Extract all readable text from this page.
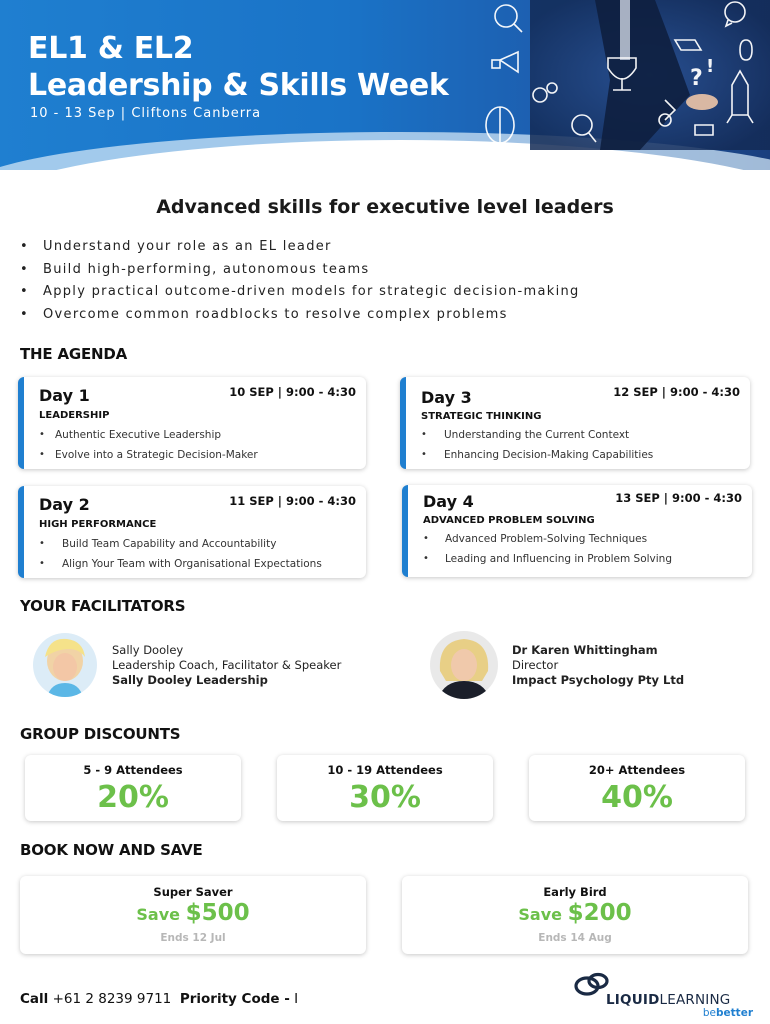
? !
EL1 & EL2
Leadership & Skills Week
10 - 13 Sep | Cliftons Canberra
Advanced skills for executive level leaders
• Understand your role as an EL leader
• Build high-performing, autonomous teams
• Apply practical outcome-driven models for strategic decision-making
• Overcome common roadblocks to resolve complex problems
THE AGENDA
Day 1	10 SEP | 9:00 - 4:30
LEADERSHIP
• Authentic Executive Leadership
• Evolve into a Strategic Decision-Maker
Day 2	11 SEP | 9:00 - 4:30
HIGH PERFORMANCE
• Build Team Capability and Accountability
• Align Your Team with Organisational Expectations
Day 3	12 SEP | 9:00 - 4:30
STRATEGIC THINKING
• Understanding the Current Context
• Enhancing Decision-Making Capabilities
Day 4	13 SEP | 9:00 - 4:30
ADVANCED PROBLEM SOLVING
• Advanced Problem-Solving Techniques
• Leading and Influencing in Problem Solving
YOUR FACILITATORS
Sally Dooley
Leadership Coach, Facilitator & Speaker
Sally Dooley Leadership
Dr Karen Whittingham
Director
Impact Psychology Pty Ltd
GROUP DISCOUNTS
5 - 9 Attendees
20%
10 - 19 Attendees
30%
20+ Attendees
40%
BOOK NOW AND SAVE
Super Saver
Save $500
Ends 12 Jul
Early Bird
Save $200
Ends 14 Aug
Call +61 2 8239 9711 Priority Code - I	LIQUIDLEARNING
bebetter
